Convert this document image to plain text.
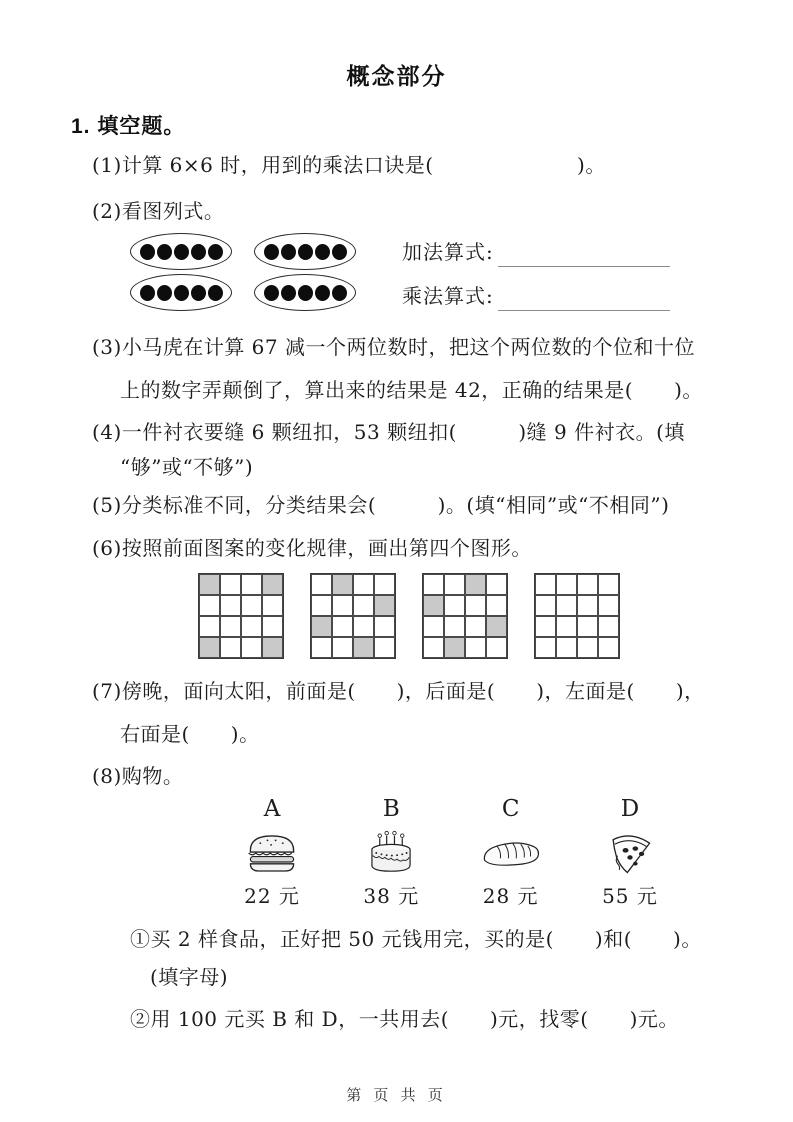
概念部分
1. 填空题。
(1)计算 6×6 时，用到的乘法口诀是(　　　　　　　)。
(2)看图列式。
加法算式:
乘法算式:
(3)小马虎在计算 67 减一个两位数时，把这个两位数的个位和十位
上的数字弄颠倒了，算出来的结果是 42，正确的结果是(　　)。
(4)一件衬衣要缝 6 颗纽扣，53 颗纽扣(　　　)缝 9 件衬衣。(填
“够”或“不够”)
(5)分类标准不同，分类结果会(　　　)。(填“相同”或“不相同”)
(6)按照前面图案的变化规律，画出第四个图形。
(7)傍晚，面向太阳，前面是(　　)，后面是(　　)，左面是(　　)，
右面是(　　)。
(8)购物。
A
22 元
B
38 元
C
28 元
D
55 元
①买 2 样食品，正好把 50 元钱用完，买的是(　　)和(　　)。
(填字母)
②用 100 元买 B 和 D，一共用去(　　)元，找零(　　)元。
第 页 共 页
